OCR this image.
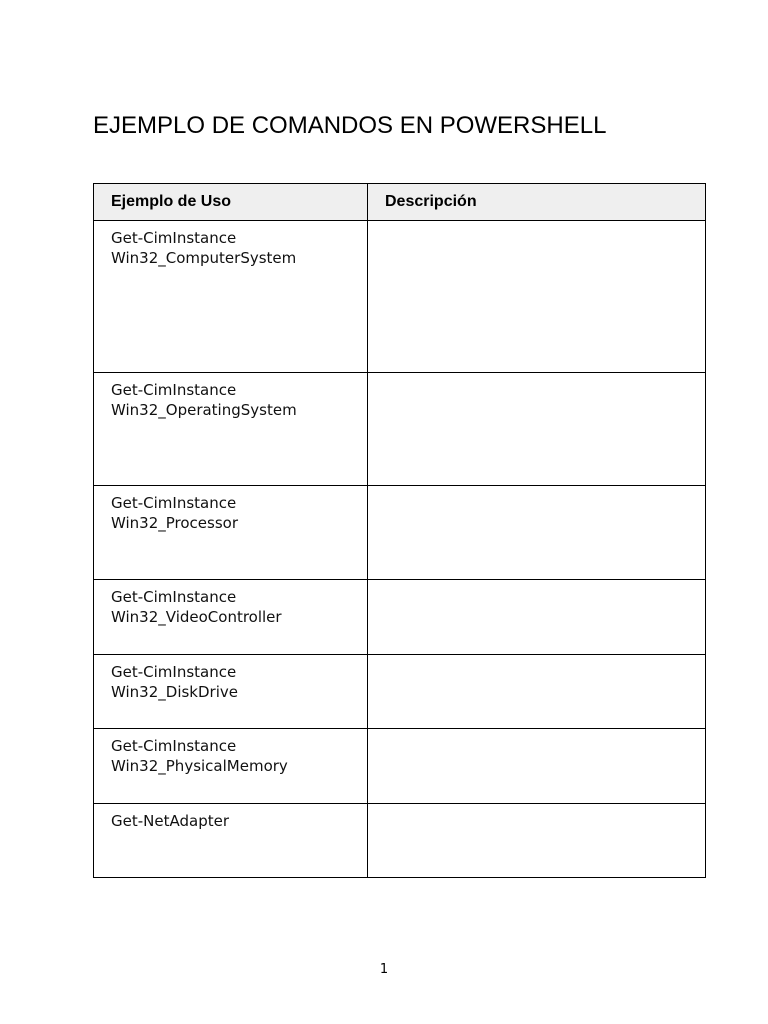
EJEMPLO DE COMANDOS EN POWERSHELL
Ejemplo de Uso	Descripción

Get-CimInstance
Win32_ComputerSystem	

Get-CimInstance
Win32_OperatingSystem	

Get-CimInstance
Win32_Processor	

Get-CimInstance
Win32_VideoController	

Get-CimInstance
Win32_DiskDrive	

Get-CimInstance
Win32_PhysicalMemory	

Get-NetAdapter	

1
